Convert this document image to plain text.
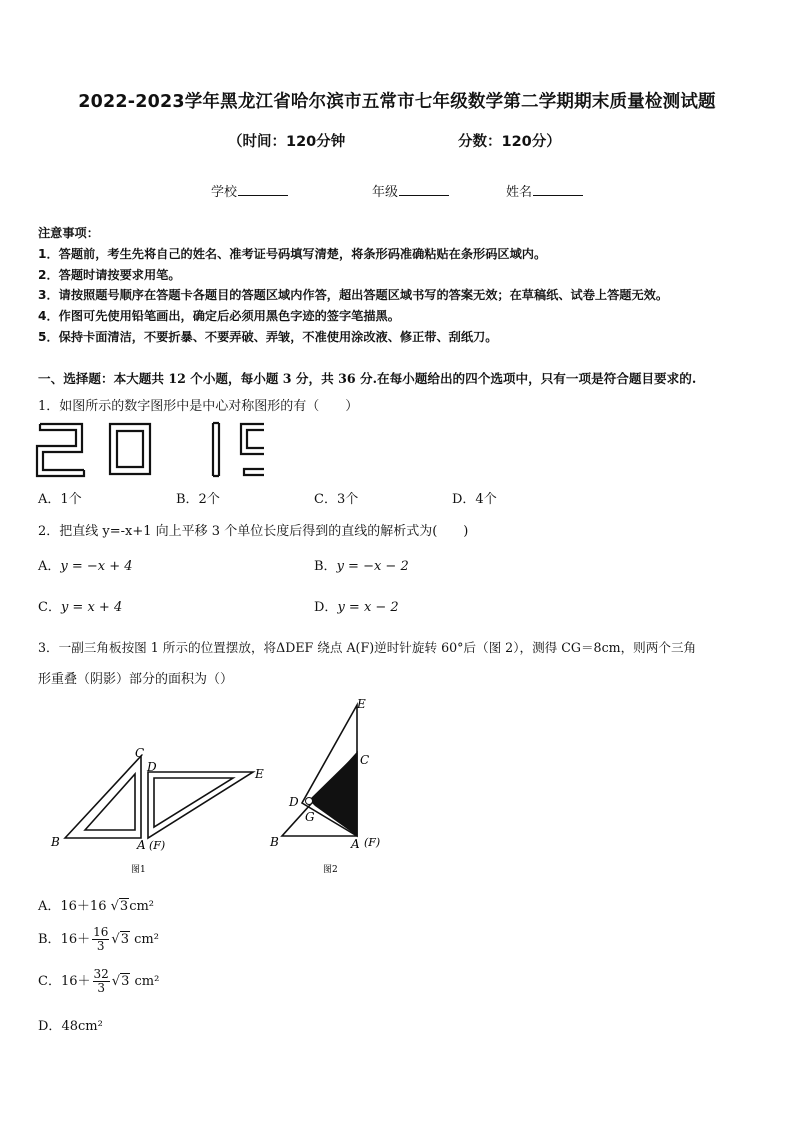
2022-2023学年黑龙江省哈尔滨市五常市七年级数学第二学期期末质量检测试题
（时间：120分钟	分数：120分）
学校	年级	姓名
注意事项：
1．答题前，考生先将自己的姓名、准考证号码填写清楚，将条形码准确粘贴在条形码区域内。
2．答题时请按要求用笔。
3．请按照题号顺序在答题卡各题目的答题区域内作答，超出答题区域书写的答案无效；在草稿纸、试卷上答题无效。
4．作图可先使用铅笔画出，确定后必须用黑色字迹的签字笔描黑。
5．保持卡面清洁，不要折暴、不要弄破、弄皱，不准使用涂改液、修正带、刮纸刀。
一、选择题：本大题共 12 个小题，每小题 3 分，共 36 分.在每小题给出的四个选项中，只有一项是符合题目要求的.
1．如图所示的数字图形中是中心对称图形的有（　　）
A．1个	B．2个	C．3个	D．4个
2．把直线 y=-x+1 向上平移 3 个单位长度后得到的直线的解析式为(　　)
A．y = −x + 4	B．y = −x − 2
C．y = x + 4	D．y = x − 2
3．一副三角板按图 1 所示的位置摆放，将ΔDEF 绕点 A(F)逆时针旋转 60°后（图 2），测得 CG＝8cm，则两个三角
形重叠（阴影）部分的面积为（）
C
D	E
B	A (F)
图1
E
C
D
G
B	A (F)
图2
A．16＋16 √3cm²
B．$16+ \frac{16}{3} √3$ cm²
C．$16+ \frac{32}{3} √3$ cm²
D．48cm²
